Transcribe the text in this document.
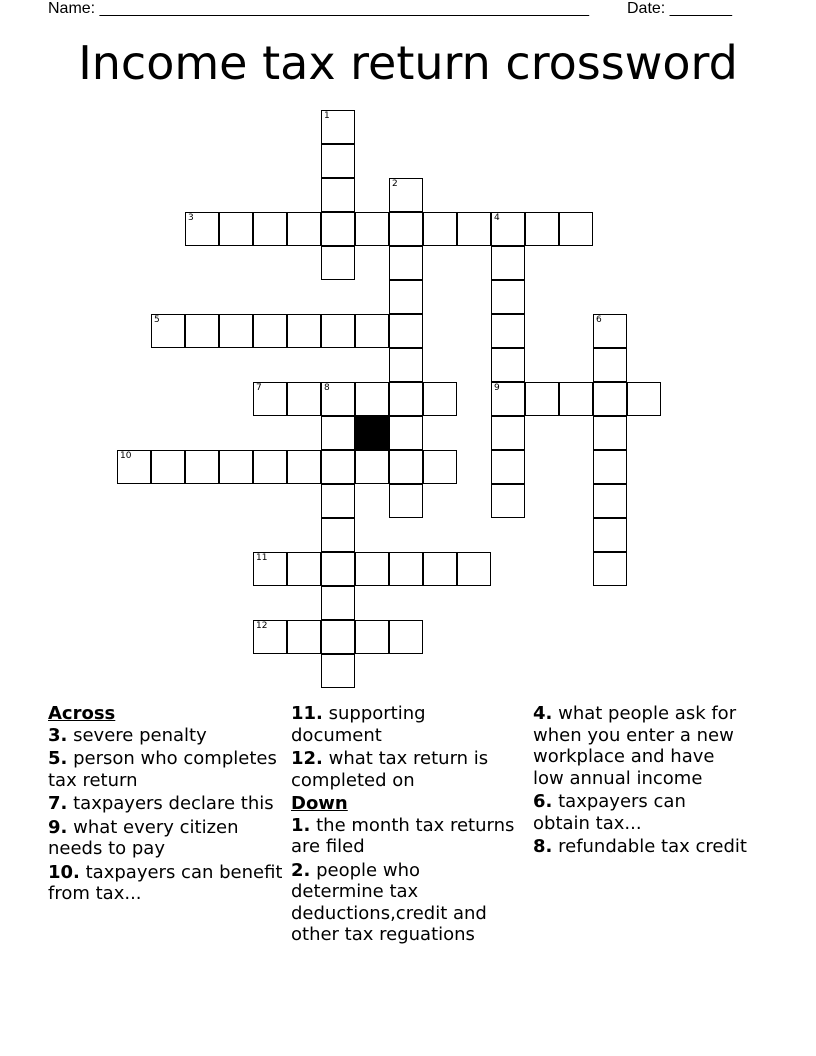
Name: _______________________________________________________ Date: _______
Income tax return crossword
1
2
3	4
9
5	6
7	8
10
11
12
Across
3. severe penalty
5. person who completes tax return
7. taxpayers declare this
9. what every citizen needs to pay
10. taxpayers can benefit from tax...
11. supporting document
12. what tax return is completed on
Down
1. the month tax returns are filed
2. people who determine tax deductions,credit and other tax reguations
4. what people ask for when you enter a new workplace and have low annual income
6. taxpayers can obtain tax...
8. refundable tax credit
